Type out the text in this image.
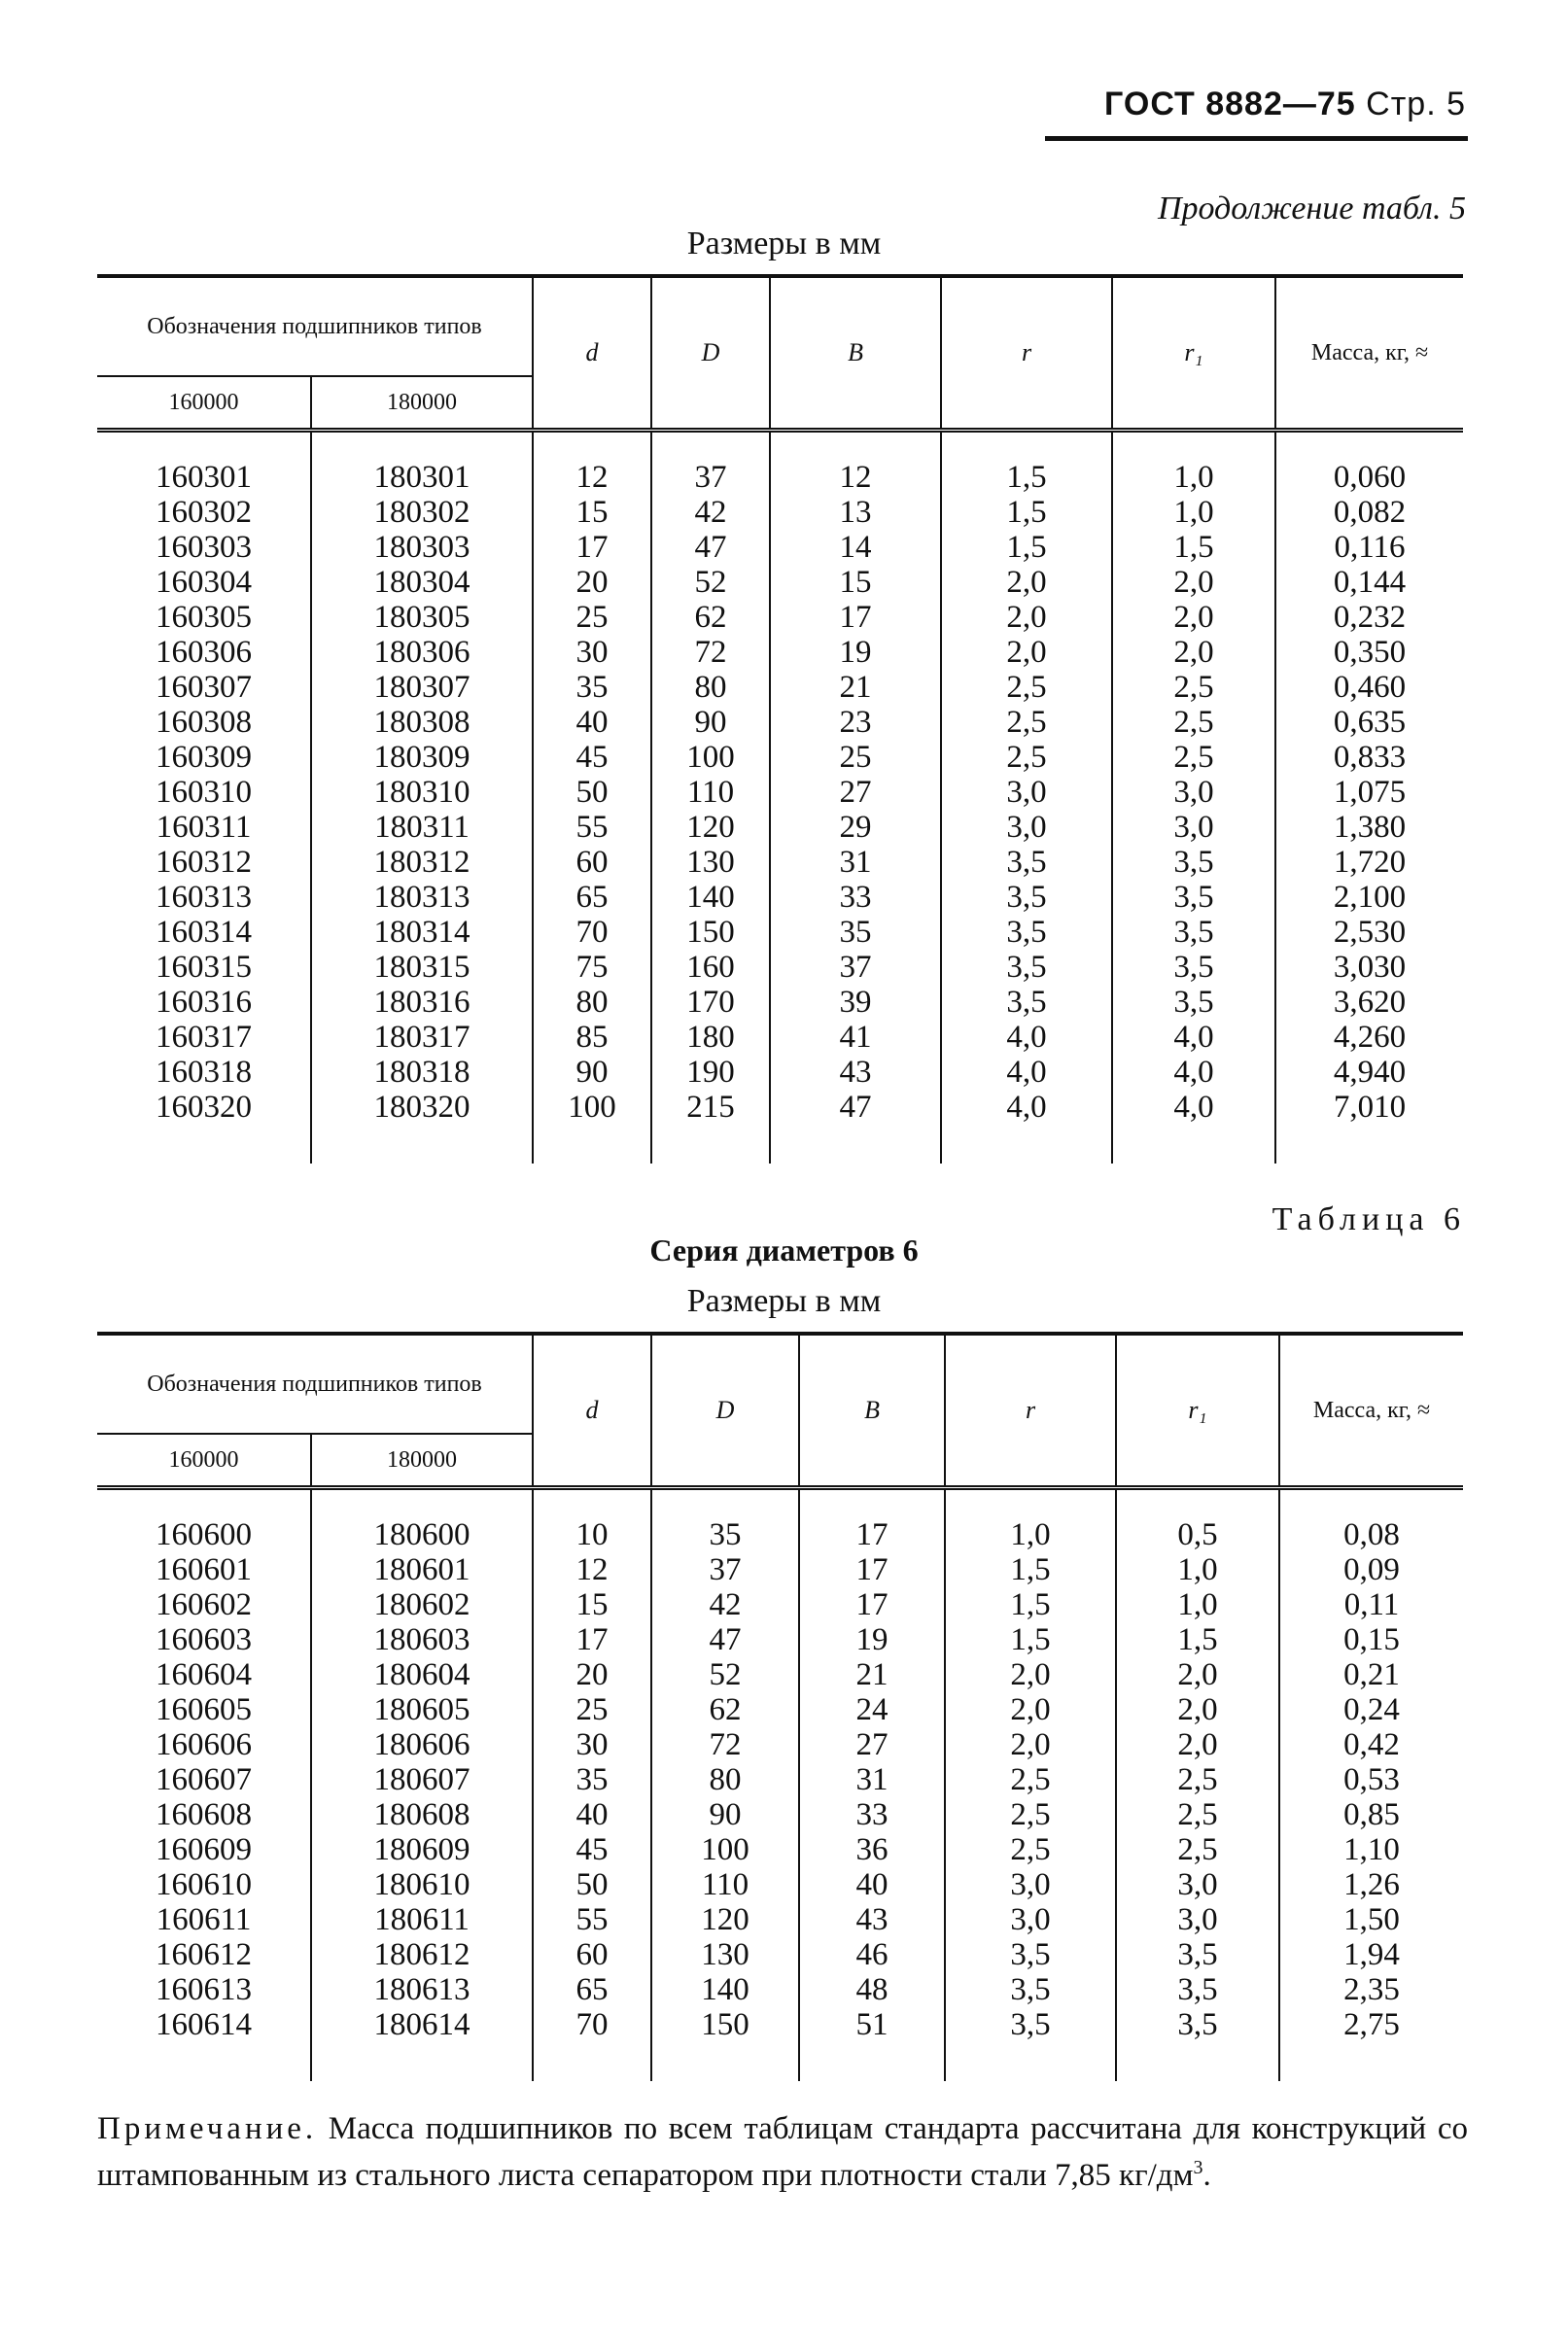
ГОСТ 8882—75 Стр. 5
Продолжение табл. 5
Размеры в мм
Обозначения подшипников типов		d	D	B	r	r₁	Масса, кг, ≈
160000	180000						

160301	180301	12	37	12	1,5	1,0	0,060
160302	180302	15	42	13	1,5	1,0	0,082
160303	180303	17	47	14	1,5	1,5	0,116
160304	180304	20	52	15	2,0	2,0	0,144
160305	180305	25	62	17	2,0	2,0	0,232
160306	180306	30	72	19	2,0	2,0	0,350
160307	180307	35	80	21	2,5	2,5	0,460
160308	180308	40	90	23	2,5	2,5	0,635
160309	180309	45	100	25	2,5	2,5	0,833
160310	180310	50	110	27	3,0	3,0	1,075
160311	180311	55	120	29	3,0	3,0	1,380
160312	180312	60	130	31	3,5	3,5	1,720
160313	180313	65	140	33	3,5	3,5	2,100
160314	180314	70	150	35	3,5	3,5	2,530
160315	180315	75	160	37	3,5	3,5	3,030
160316	180316	80	170	39	3,5	3,5	3,620
160317	180317	85	180	41	4,0	4,0	4,260
160318	180318	90	190	43	4,0	4,0	4,940
160320	180320	100	215	47	4,0	4,0	7,010

Таблица 6
Серия диаметров 6
Размеры в мм
Обозначения подшипников типов		d	D	B	r	r₁	Масса, кг, ≈
160000	180000						

160600	180600	10	35	17	1,0	0,5	0,08
160601	180601	12	37	17	1,5	1,0	0,09
160602	180602	15	42	17	1,5	1,0	0,11
160603	180603	17	47	19	1,5	1,5	0,15
160604	180604	20	52	21	2,0	2,0	0,21
160605	180605	25	62	24	2,0	2,0	0,24
160606	180606	30	72	27	2,0	2,0	0,42
160607	180607	35	80	31	2,5	2,5	0,53
160608	180608	40	90	33	2,5	2,5	0,85
160609	180609	45	100	36	2,5	2,5	1,10
160610	180610	50	110	40	3,0	3,0	1,26
160611	180611	55	120	43	3,0	3,0	1,50
160612	180612	60	130	46	3,5	3,5	1,94
160613	180613	65	140	48	3,5	3,5	2,35
160614	180614	70	150	51	3,5	3,5	2,75

Примечание. Масса подшипников по всем таблицам стандарта рассчитана для конструкций со штампованным из стального листа сепаратором при плотности стали 7,85 $кг/дм^3$.
